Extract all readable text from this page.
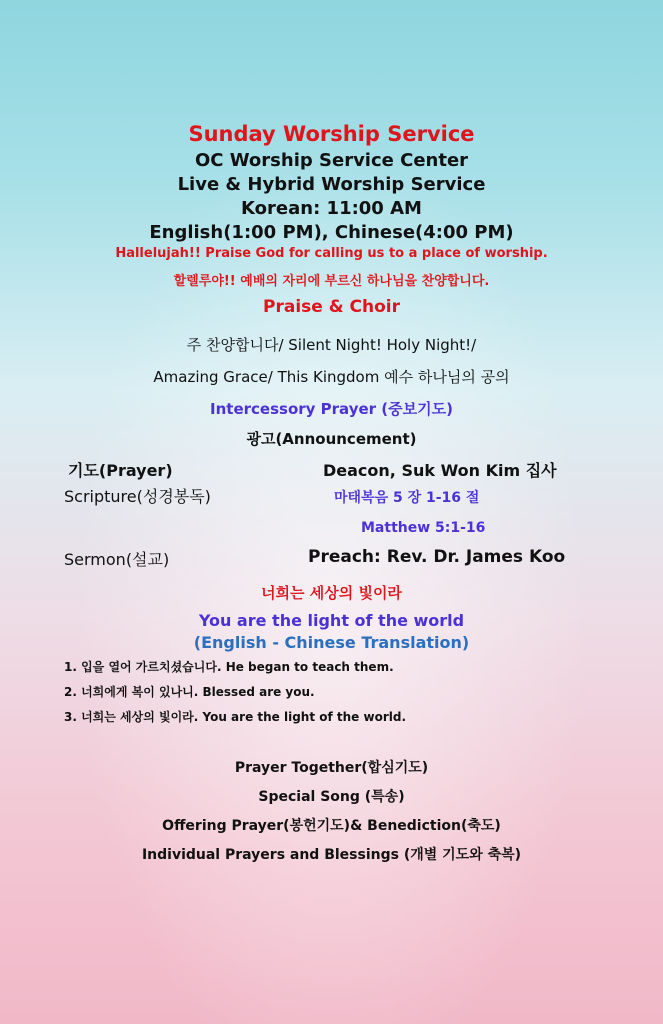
Sunday Worship Service
OC Worship Service Center
Live & Hybrid Worship Service
Korean: 11:00 AM
English(1:00 PM), Chinese(4:00 PM)
Hallelujah!! Praise God for calling us to a place of worship.
할렐루야!! 예배의 자리에 부르신 하나님을 찬양합니다.
Praise & Choir
주 찬양합니다/ Silent Night! Holy Night!/
Amazing Grace/ This Kingdom 예수 하나님의 공의
Intercessory Prayer (중보기도)
광고(Announcement)
기도(Prayer)	Deacon, Suk Won Kim 집사
Scripture(성경봉독)	마태복음 5 장 1-16 절
Matthew 5:1-16
Sermon(설교)	Preach: Rev. Dr. James Koo
너희는 세상의 빛이라
You are the light of the world
(English - Chinese Translation)
1. 입을 열어 가르치셨습니다. He began to teach them.
2. 너희에게 복이 있나니. Blessed are you.
3. 너희는 세상의 빛이라. You are the light of the world.
Prayer Together(합심기도)
Special Song (특송)
Offering Prayer(봉헌기도)& Benediction(축도)
Individual Prayers and Blessings (개별 기도와 축복)
